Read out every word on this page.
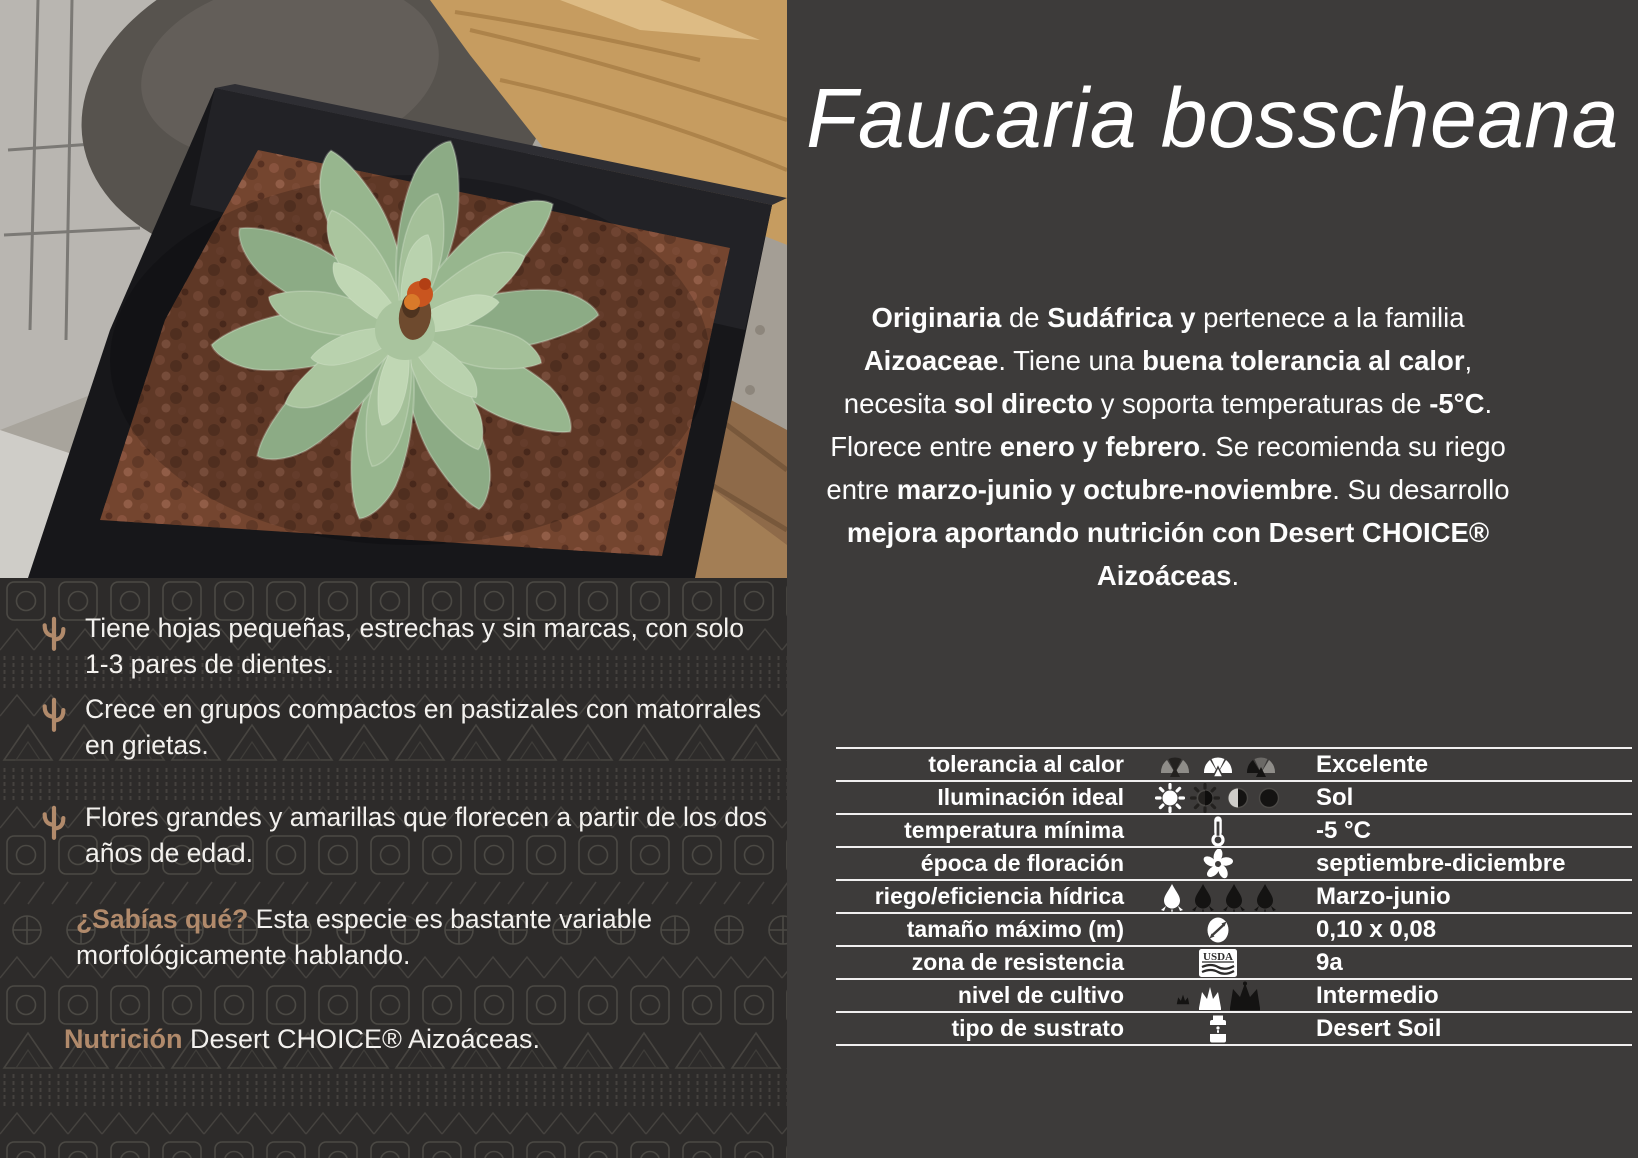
Tiene hojas pequeñas, estrechas y sin marcas, con solo 1-3 pares de dientes.
Crece en grupos compactos en pastizales con matorrales en grietas.
Flores grandes y amarillas que florecen a partir de los dos años de edad.

¿Sabías qué? Esta especie es bastante variable morfológicamente hablando.

Nutrición Desert CHOICE® Aizoáceas.

Faucaria bosscheana

Originaria de Sudáfrica y pertenece a la familia Aizoaceae. Tiene una buena tolerancia al calor, necesita sol directo y soporta temperaturas de -5°C. Florece entre enero y febrero. Se recomienda su riego entre marzo-junio y octubre-noviembre. Su desarrollo mejora aportando nutrición con Desert CHOICE® Aizoáceas.

tolerancia al calor	Excelente
Iluminación ideal	Sol
temperatura mínima	-5 °C
época de floración	septiembre-diciembre
riego/eficiencia hídrica	Marzo-junio
tamaño máximo (m)	0,10 x 0,08
zona de resistencia	USDA	9a
nivel de cultivo	Intermedio
tipo de sustrato	Desert Soil
